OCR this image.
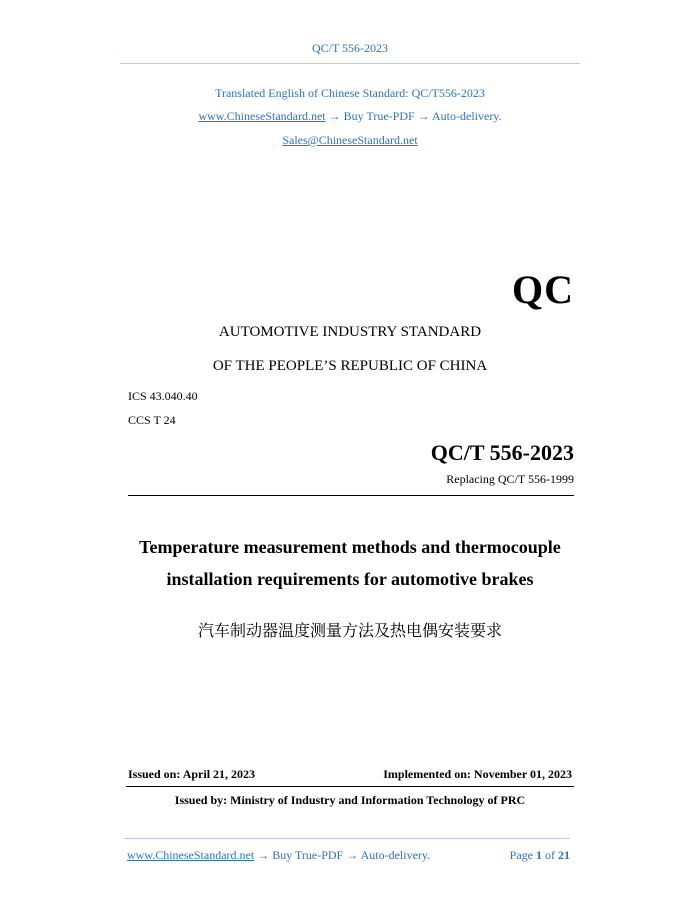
QC/T 556-2023
Translated English of Chinese Standard: QC/T556-2023
www.ChineseStandard.net → Buy True-PDF → Auto-delivery.
Sales@ChineseStandard.net
QC
AUTOMOTIVE INDUSTRY STANDARD
OF THE PEOPLE’S REPUBLIC OF CHINA
ICS 43.040.40
CCS T 24
QC/T 556-2023
Replacing QC/T 556-1999
Temperature measurement methods and thermocouple
installation requirements for automotive brakes
汽车制动器温度测量方法及热电偶安装要求
Issued on: April 21, 2023	Implemented on: November 01, 2023
Issued by: Ministry of Industry and Information Technology of PRC
www.ChineseStandard.net → Buy True-PDF → Auto-delivery.	Page 1 of 21
